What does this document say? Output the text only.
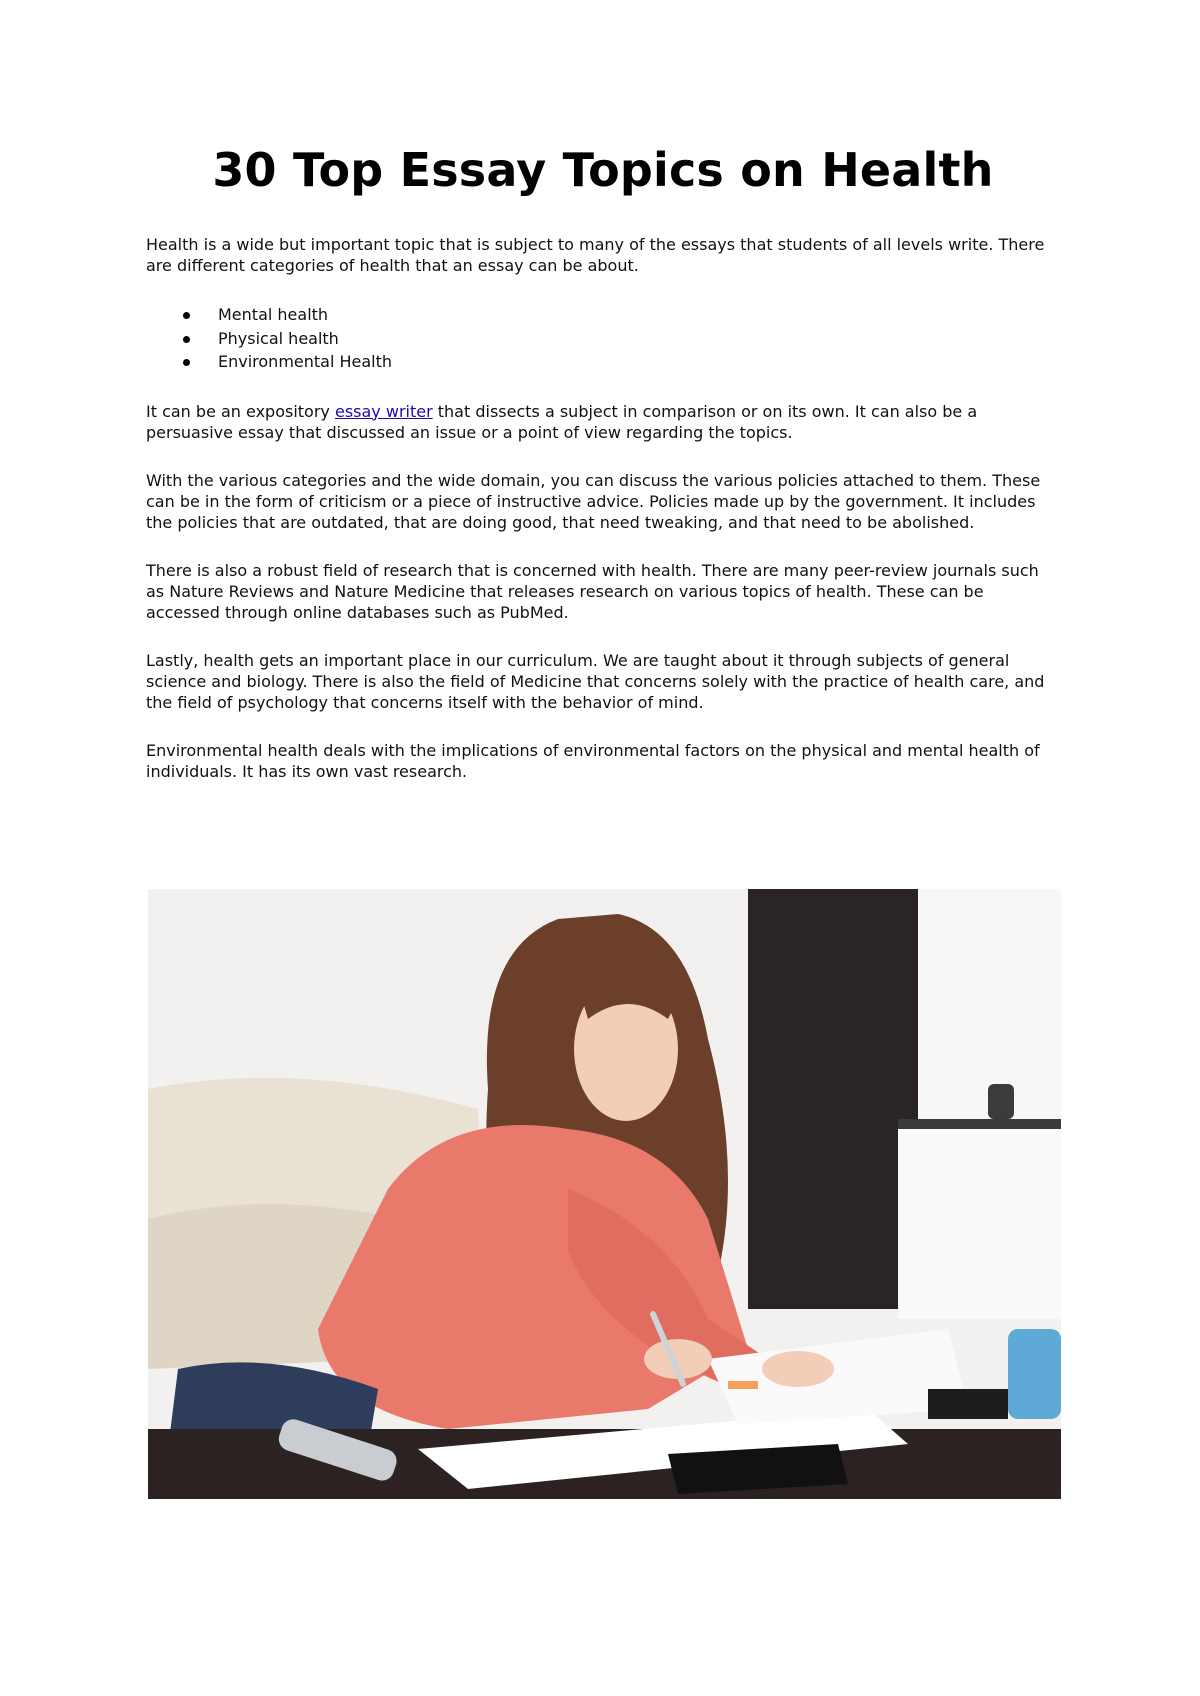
30 Top Essay Topics on Health

Health is a wide but important topic that is subject to many of the essays that students of all levels write. There are different categories of health that an essay can be about.

Mental health
Physical health
Environmental Health

It can be an expository essay writer that dissects a subject in comparison or on its own. It can also be a persuasive essay that discussed an issue or a point of view regarding the topics.

With the various categories and the wide domain, you can discuss the various policies attached to them. These can be in the form of criticism or a piece of instructive advice. Policies made up by the government. It includes the policies that are outdated, that are doing good, that need tweaking, and that need to be abolished.

There is also a robust field of research that is concerned with health. There are many peer-review journals such as Nature Reviews and Nature Medicine that releases research on various topics of health. These can be accessed through online databases such as PubMed.

Lastly, health gets an important place in our curriculum. We are taught about it through subjects of general science and biology. There is also the field of Medicine that concerns solely with the practice of health care, and the field of psychology that concerns itself with the behavior of mind.

Environmental health deals with the implications of environmental factors on the physical and mental health of individuals. It has its own vast research.
